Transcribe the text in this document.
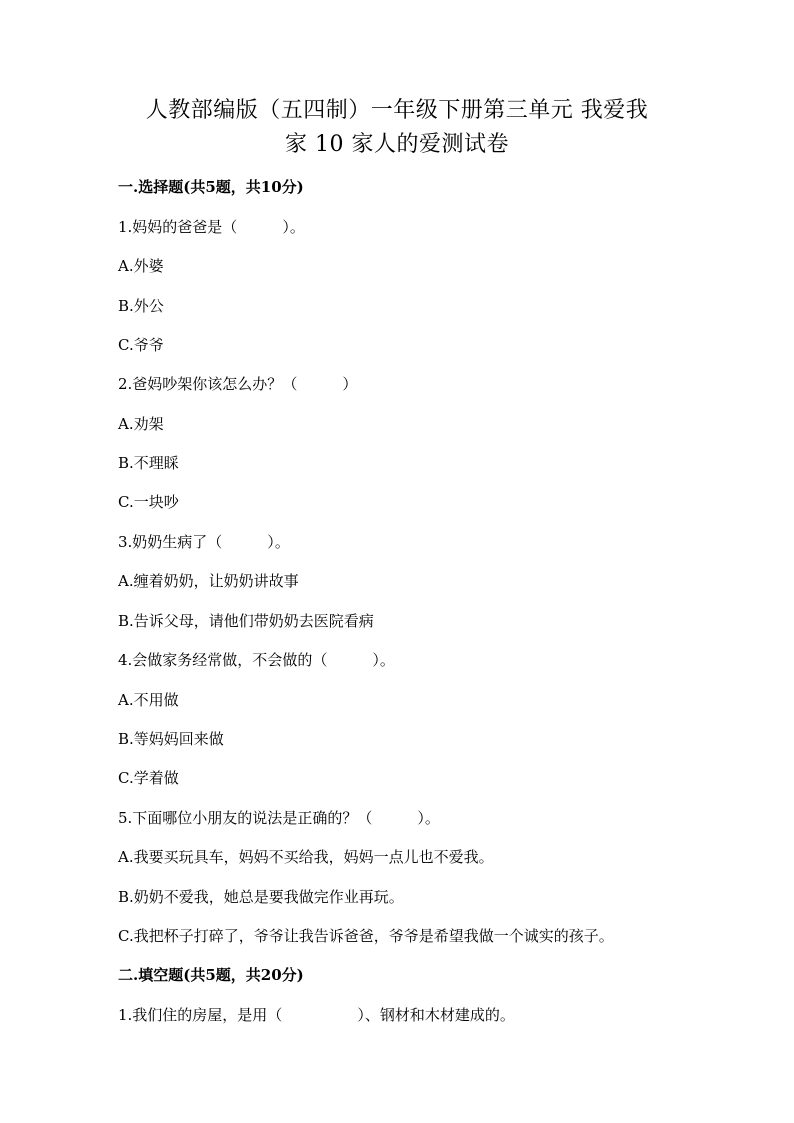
人教部编版（五四制）一年级下册第三单元 我爱我
家 10 家人的爱测试卷
一.选择题(共5题，共10分)
1.妈妈的爸爸是（　　　）。
A.外婆
B.外公
C.爷爷
2.爸妈吵架你该怎么办？（　　　）
A.劝架
B.不理睬
C.一块吵
3.奶奶生病了（　　　）。
A.缠着奶奶，让奶奶讲故事
B.告诉父母，请他们带奶奶去医院看病
4.会做家务经常做，不会做的（　　　）。
A.不用做
B.等妈妈回来做
C.学着做
5.下面哪位小朋友的说法是正确的？（　　　）。
A.我要买玩具车，妈妈不买给我，妈妈一点儿也不爱我。
B.奶奶不爱我，她总是要我做完作业再玩。
C.我把杯子打碎了，爷爷让我告诉爸爸，爷爷是希望我做一个诚实的孩子。
二.填空题(共5题，共20分)
1.我们住的房屋，是用（　　　　　）、钢材和木材建成的。
